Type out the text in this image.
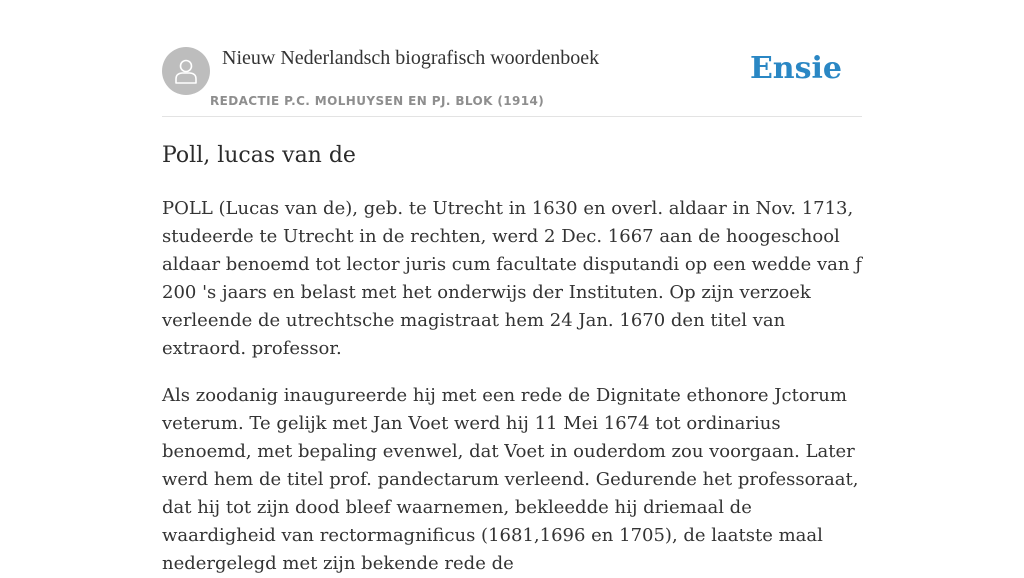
Nieuw Nederlandsch biografisch woordenboek
REDACTIE P.C. MOLHUYSEN EN PJ. BLOK (1914)
Ensie
Poll, lucas van de

POLL (Lucas van de), geb. te Utrecht in 1630 en overl. aldaar in Nov. 1713, studeerde te Utrecht in de rechten, werd 2 Dec. 1667 aan de hoogeschool aldaar benoemd tot lector juris cum facultate disputandi op een wedde van ƒ 200 's jaars en belast met het onderwijs der Instituten. Op zijn verzoek verleende de utrechtsche magistraat hem 24 Jan. 1670 den titel van extraord. professor.

Als zoodanig inaugureerde hij met een rede de Dignitate ethonore Jctorum veterum. Te gelijk met Jan Voet werd hij 11 Mei 1674 tot ordinarius benoemd, met bepaling evenwel, dat Voet in ouderdom zou voorgaan. Later werd hem de titel prof. pandectarum verleend. Gedurende het professoraat, dat hij tot zijn dood bleef waarnemen, bekleedde hij driemaal de waardigheid van rectormagnificus (1681,1696 en 1705), de laatste maal nedergelegd met zijn bekende rede de
